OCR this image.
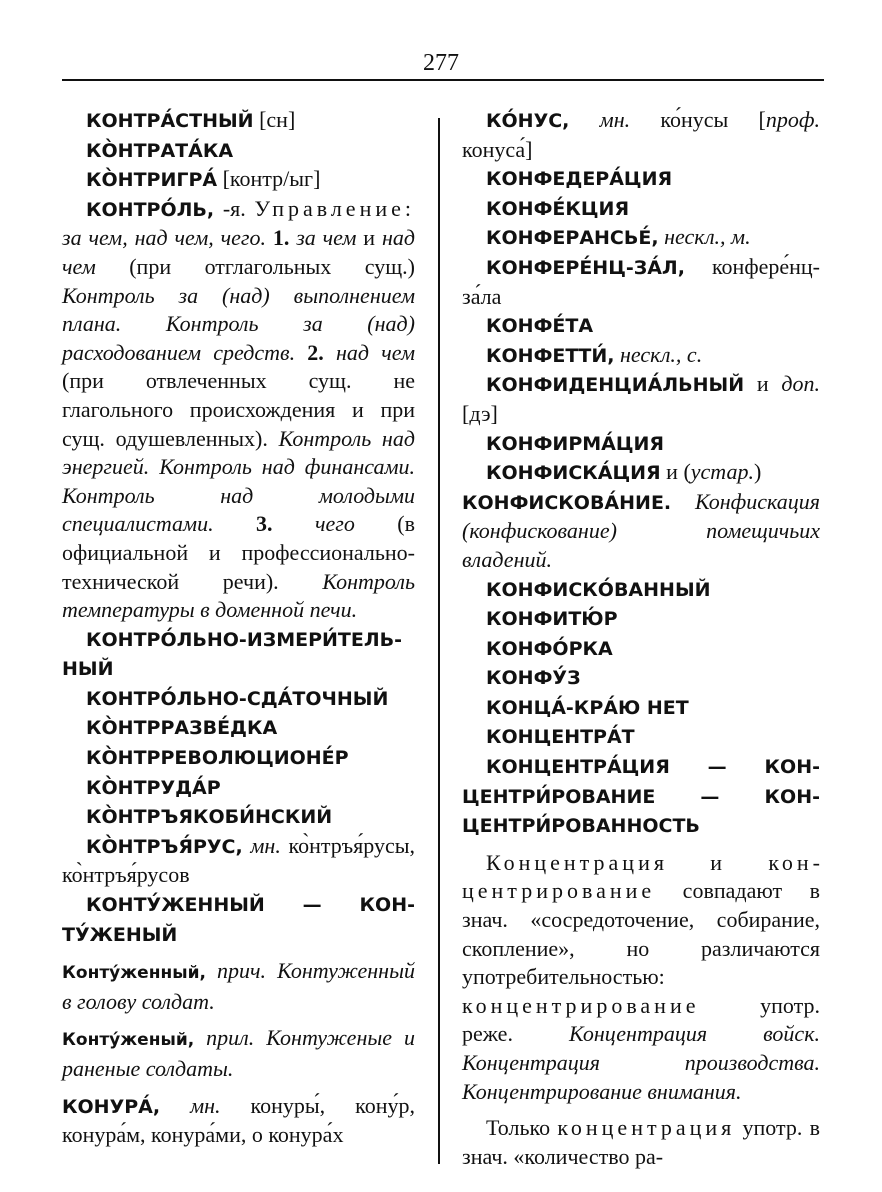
277

КОНТРА́СТНЫЙ [сн]

КО̀НТРАТА́КА

КО̀НТРИГРА́ [контр/ыг]

КОНТРО́ЛЬ, -я. Управление: за чем, над чем, чего. 1. за чем и над чем (при отглагольных сущ.) Контроль за (над) выполнением плана. Контроль за (над) расходованием средств. 2. над чем (при отвлеченных сущ. не глагольного происхождения и при сущ. одушевленных). Контроль над энергией. Контроль над финансами. Контроль над молодыми специалистами. 3. чего (в официальной и профессионально-технической речи). Контроль температуры в доменной печи.

КОНТРО́ЛЬНО-ИЗМЕРИ́ТЕЛЬНЫЙ

КОНТРО́ЛЬНО-СДА́ТОЧНЫЙ

КО̀НТРРАЗВЕ́ДКА

КО̀НТРРЕВОЛЮЦИОНЕ́Р

КО̀НТРУДА́Р

КО̀НТРЪЯКОБИ́НСКИЙ

КО̀НТРЪЯ́РУС, мн. ко̀нтръя́русы, ко̀нтръя́русов

КОНТУ́ЖЕННЫЙ — КОНТУ́ЖЕНЫЙ

Конту́женный, прич. Контуженный в голову солдат.

Конту́женый, прил. Контуженые и раненые солдаты.

КОНУРА́, мн. конуры́, кону́р, конура́м, конура́ми, о конура́х

КО́НУС, мн. ко́нусы [проф. конуса́]

КОНФЕДЕРА́ЦИЯ

КОНФЕ́КЦИЯ

КОНФЕРАНСЬЕ́, нескл., м.

КОНФЕРЕ́НЦ-ЗА́Л, конфере́нцза́ла

КОНФЕ́ТА

КОНФЕТТИ́, нескл., с.

КОНФИДЕНЦИА́ЛЬНЫЙ и доп. [дэ]

КОНФИРМА́ЦИЯ

КОНФИСКА́ЦИЯ и (устар.)

КОНФИСКОВА́НИЕ. Конфискация (конфискование) помещичьих владений.

КОНФИСКО́ВАННЫЙ

КОНФИТЮ́Р

КОНФО́РКА

КОНФУ́З

КОНЦА́-КРА́Ю НЕТ

КОНЦЕНТРА́Т

КОНЦЕНТРА́ЦИЯ — КОНЦЕНТРИ́РОВАНИЕ — КОНЦЕНТРИ́РОВАННОСТЬ

Концентрация и концентрирование совпадают в знач. «сосредоточение, собирание, скопление», но различаются употребительностью: концентрирование употр. реже. Концентрация войск. Концентрация производства. Концентрирование внимания.

Только концентрация употр. в знач. «количество ра-
